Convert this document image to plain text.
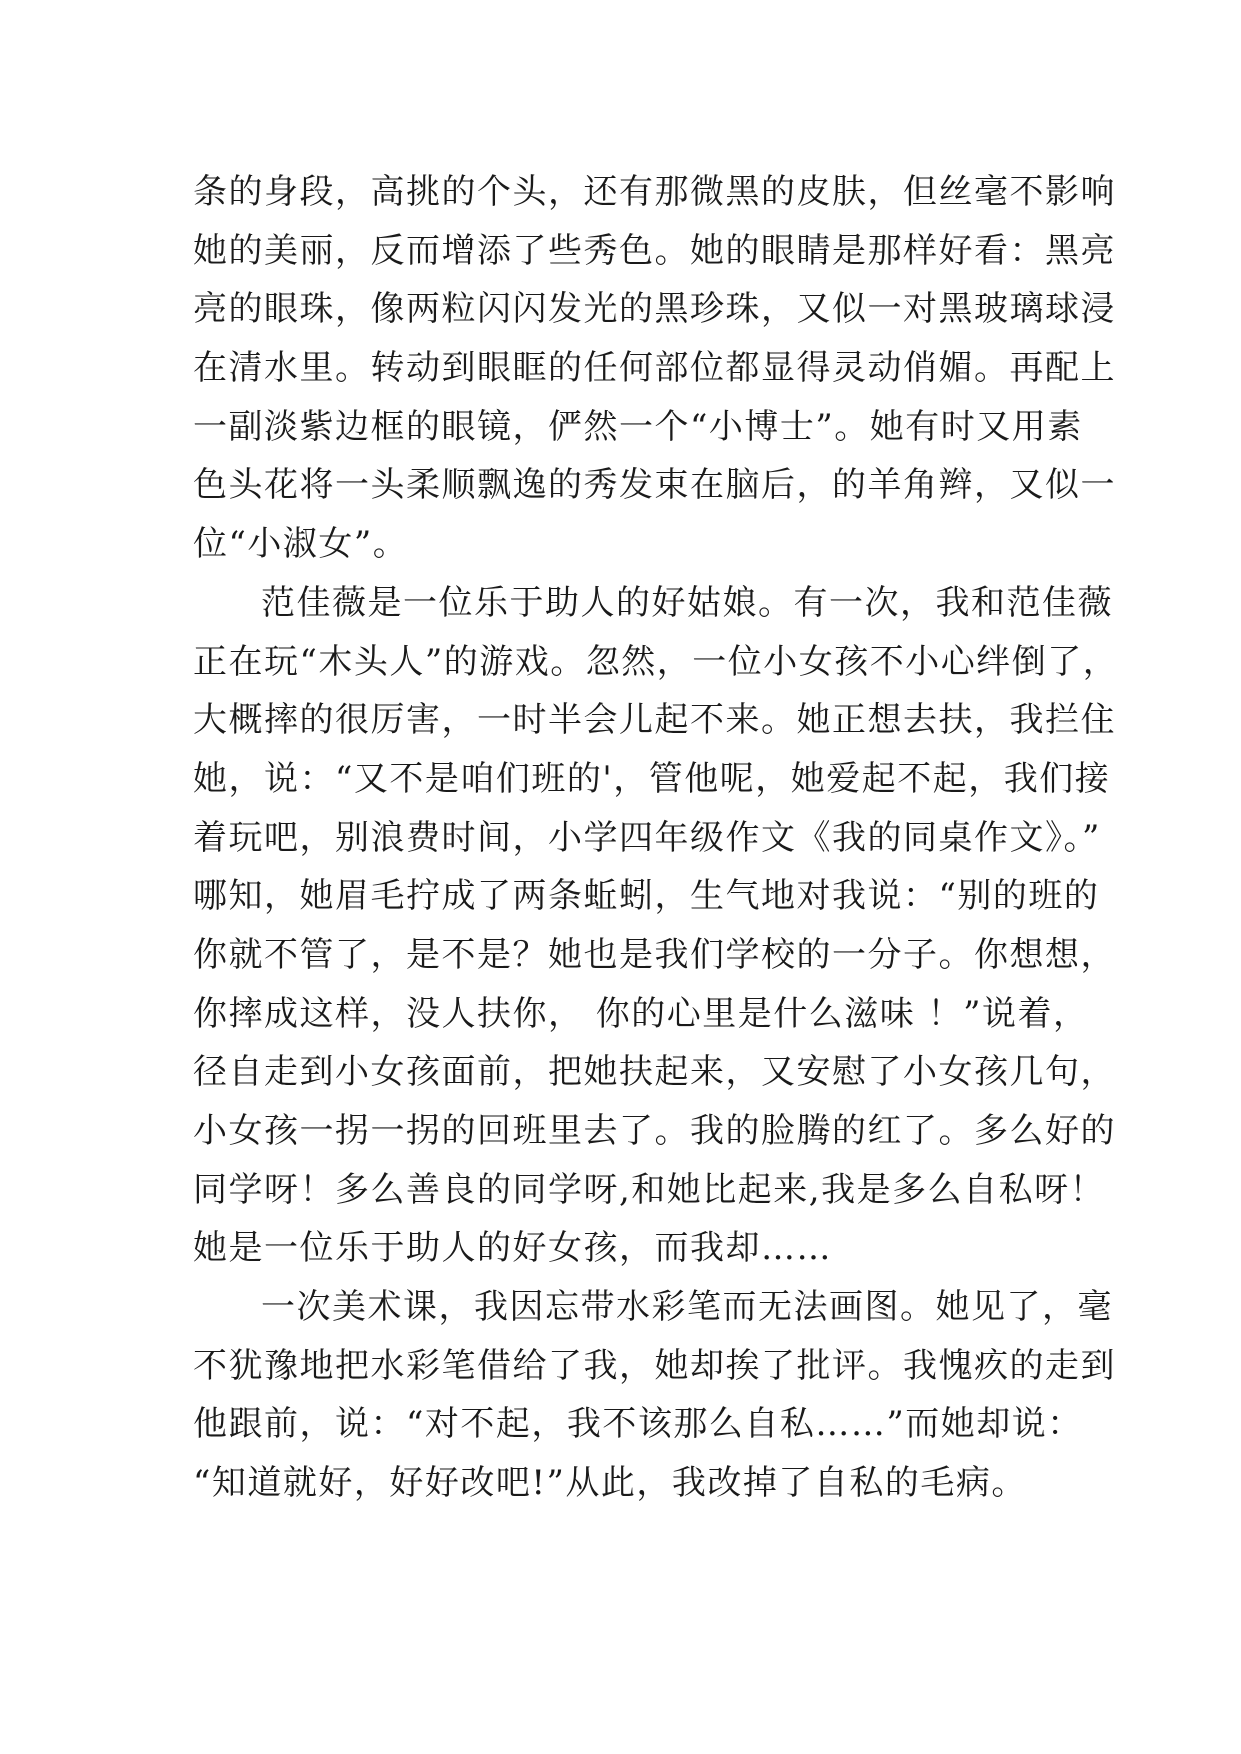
条的身段，高挑的个头，还有那微黑的皮肤，但丝毫不影响
她的美丽，反而增添了些秀色。她的眼睛是那样好看：黑亮
亮的眼珠，像两粒闪闪发光的黑珍珠，又似一对黑玻璃球浸
在清水里。转动到眼眶的任何部位都显得灵动俏媚。再配上
一副淡紫边框的眼镜，俨然一个“小博士”。她有时又用素
色头花将一头柔顺飘逸的秀发束在脑后，的羊角辫，又似一
位“小淑女”。
范佳薇是一位乐于助人的好姑娘。有一次，我和范佳薇
正在玩“木头人”的游戏。忽然，一位小女孩不小心绊倒了，
大概摔的很厉害，一时半会儿起不来。她正想去扶，我拦住
她，说：“又不是咱们班的'，管他呢，她爱起不起，我们接
着玩吧，别浪费时间，小学四年级作文《我的同桌作文》。”
哪知，她眉毛拧成了两条蚯蚓，生气地对我说：“别的班的
你就不管了，是不是？她也是我们学校的一分子。你想想，
你摔成这样，没人扶你， 你的心里是什么滋味 ！”说着，
径自走到小女孩面前，把她扶起来，又安慰了小女孩几句，
小女孩一拐一拐的回班里去了。我的脸腾的红了。多么好的
同学呀！多么善良的同学呀,和她比起来,我是多么自私呀！
她是一位乐于助人的好女孩，而我却……
一次美术课，我因忘带水彩笔而无法画图。她见了，毫
不犹豫地把水彩笔借给了我，她却挨了批评。我愧疚的走到
他跟前，说：“对不起，我不该那么自私……”而她却说：
“知道就好，好好改吧!”从此，我改掉了自私的毛病。
